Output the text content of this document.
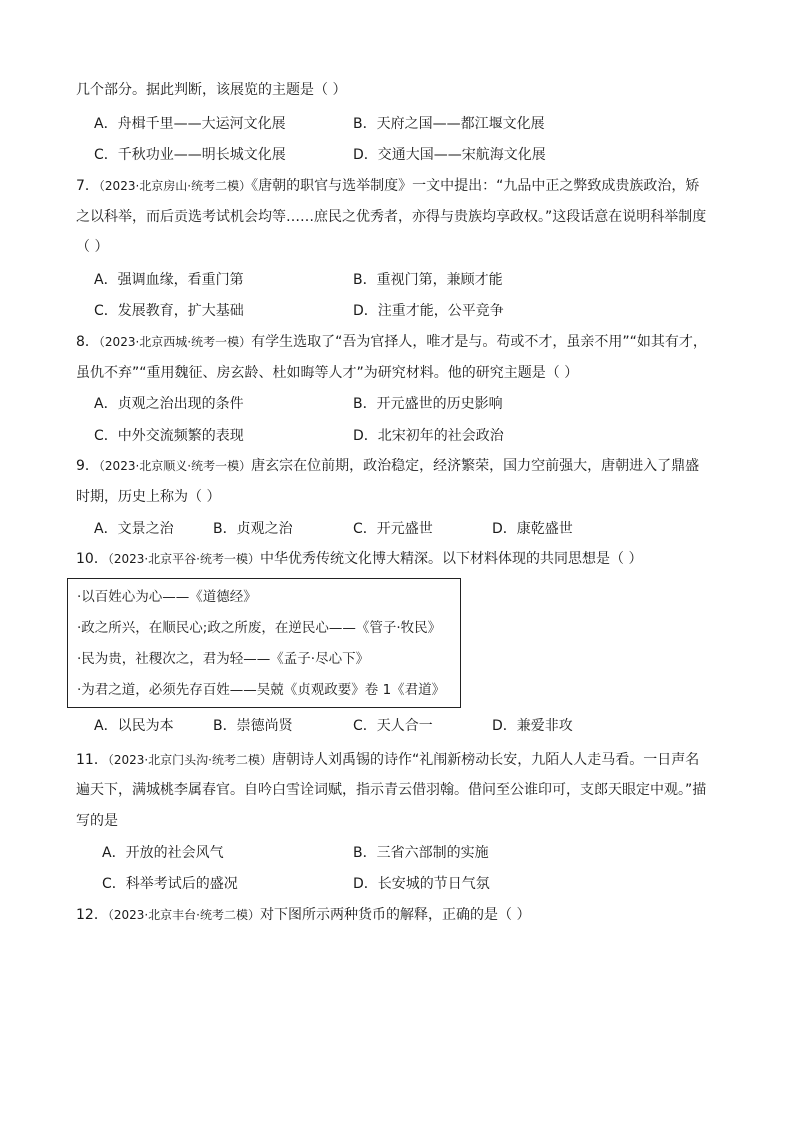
几个部分。据此判断，该展览的主题是（ ）
A．舟楫千里——大运河文化展	B．天府之国——都江堰文化展
C．千秋功业——明长城文化展	D．交通大国——宋航海文化展
7．（2023·北京房山·统考二模）《唐朝的职官与选举制度》一文中提出：“九品中正之弊致成贵族政治，矫
之以科举，而后贡选考试机会均等……庶民之优秀者，亦得与贵族均享政权。”这段话意在说明科举制度
（ ）
A．强调血缘，看重门第	B．重视门第，兼顾才能
C．发展教育，扩大基础	D．注重才能，公平竞争
8．（2023·北京西城·统考一模）有学生选取了“吾为官择人，唯才是与。苟或不才，虽亲不用”“如其有才，
虽仇不弃”“重用魏征、房玄龄、杜如晦等人才”为研究材料。他的研究主题是（ ）
A．贞观之治出现的条件	B．开元盛世的历史影响
C．中外交流频繁的表现	D．北宋初年的社会政治
9．（2023·北京顺义·统考一模）唐玄宗在位前期，政治稳定，经济繁荣，国力空前强大，唐朝进入了鼎盛
时期，历史上称为（ ）
A．文景之治	B．贞观之治	C．开元盛世	D．康乾盛世
10．（2023·北京平谷·统考一模）中华优秀传统文化博大精深。以下材料体现的共同思想是（ ）
·以百姓心为心——《道德经》
·政之所兴，在顺民心;政之所废，在逆民心——《管子·牧民》
·民为贵，社稷次之，君为轻——《孟子·尽心下》
·为君之道，必须先存百姓——吴兢《贞观政要》卷 1《君道》
A．以民为本	B．崇德尚贤	C．天人合一	D．兼爱非攻
11．（2023·北京门头沟·统考二模）唐朝诗人刘禹锡的诗作“礼闱新榜动长安，九陌人人走马看。一日声名
遍天下，满城桃李属春官。自吟白雪诠词赋，指示青云借羽翰。借问至公谁印可，支郎天眼定中观。”描
写的是
A．开放的社会风气	B．三省六部制的实施
C．科举考试后的盛况	D．长安城的节日气氛
12．（2023·北京丰台·统考二模）对下图所示两种货币的解释，正确的是（ ）
